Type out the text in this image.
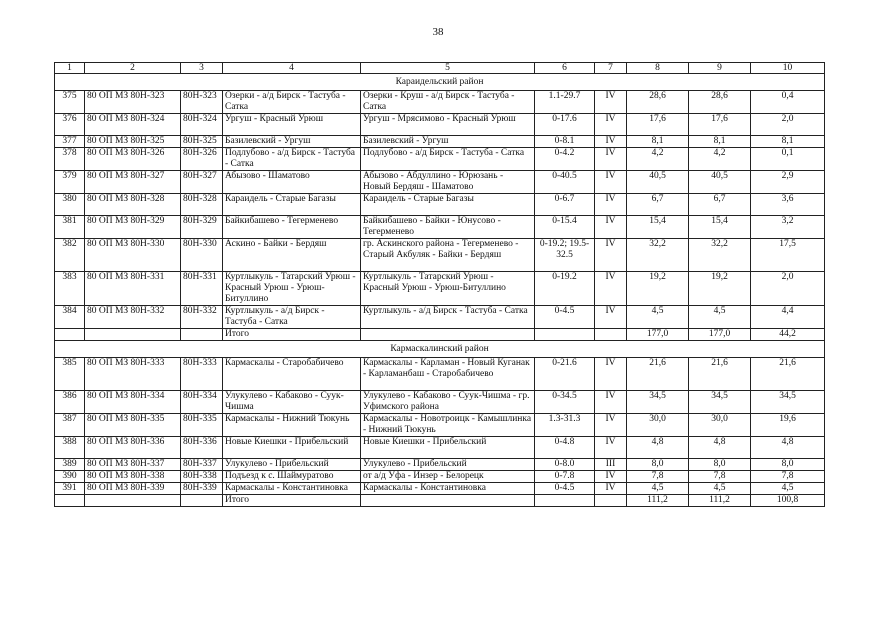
38
1	2	3	4	5	6	7	8	9	10
Караидельский район									
375	80 ОП МЗ 80Н-323	80Н-323	Озерки - а/д Бирск - Тастуба - Сатка	Озерки - Круш - а/д Бирск - Тастуба - Сатка	1.1-29.7	IV	28,6	28,6	0,4
376	80 ОП МЗ 80Н-324	80Н-324	Ургуш - Красный Урюш	Ургуш - Мрясимово - Красный Урюш	0-17.6	IV	17,6	17,6	2,0
377	80 ОП МЗ 80Н-325	80Н-325	Базилевский - Ургуш	Базилевский - Ургуш	0-8.1	IV	8,1	8,1	8,1
378	80 ОП МЗ 80Н-326	80Н-326	Подлубово - а/д Бирск - Тастуба - Сатка	Подлубово - а/д Бирск - Тастуба - Сатка	0-4.2	IV	4,2	4,2	0,1
379	80 ОП МЗ 80Н-327	80Н-327	Абызово - Шаматово	Абызово - Абдуллино - Юрюзань - Новый Бердяш - Шаматово	0-40.5	IV	40,5	40,5	2,9
380	80 ОП МЗ 80Н-328	80Н-328	Караидель - Старые Багазы	Караидель - Старые Багазы	0-6.7	IV	6,7	6,7	3,6
381	80 ОП МЗ 80Н-329	80Н-329	Байкибашево - Тегерменево	Байкибашево - Байки - Юнусово - Тегерменево	0-15.4	IV	15,4	15,4	3,2
382	80 ОП МЗ 80Н-330	80Н-330	Аскино - Байки - Бердяш	гр. Аскинского района - Тегерменево - Старый Акбуляк - Байки - Бердяш	0-19.2; 19.5-32.5	IV	32,2	32,2	17,5
383	80 ОП МЗ 80Н-331	80Н-331	Куртлыкуль - Татарский Урюш - Красный Урюш - Урюш-Битуллино	Куртлыкуль - Татарский Урюш - Красный Урюш - Урюш-Битуллино	0-19.2	IV	19,2	19,2	2,0
384	80 ОП МЗ 80Н-332	80Н-332	Куртлыкуль - а/д Бирск - Тастуба - Сатка	Куртлыкуль - а/д Бирск - Тастуба - Сатка	0-4.5	IV	4,5	4,5	4,4
			Итого				177,0	177,0	44,2
Кармаскалинский район									
385	80 ОП МЗ 80Н-333	80Н-333	Кармаскалы - Старобабичево	Кармаскалы - Карламан - Новый Куганак - Карламанбаш - Старобабичево	0-21.6	IV	21,6	21,6	21,6
386	80 ОП МЗ 80Н-334	80Н-334	Улукулево - Кабаково - Суук-Чишма	Улукулево - Кабаково - Суук-Чишма - гр. Уфимского района	0-34.5	IV	34,5	34,5	34,5
387	80 ОП МЗ 80Н-335	80Н-335	Кармаскалы - Нижний Тюкунь	Кармаскалы - Новотроицк - Камышлинка - Нижний Тюкунь	1.3-31.3	IV	30,0	30,0	19,6
388	80 ОП МЗ 80Н-336	80Н-336	Новые Киешки - Прибельский	Новые Киешки - Прибельский	0-4.8	IV	4,8	4,8	4,8
389	80 ОП МЗ 80Н-337	80Н-337	Улукулево - Прибельский	Улукулево - Прибельский	0-8.0	III	8,0	8,0	8,0
390	80 ОП МЗ 80Н-338	80Н-338	Подъезд к с. Шаймуратово	от а/д Уфа - Инзер - Белорецк	0-7.8	IV	7,8	7,8	7,8
391	80 ОП МЗ 80Н-339	80Н-339	Кармаскалы - Константиновка	Кармаскалы - Константиновка	0-4.5	IV	4,5	4,5	4,5
			Итого				111,2	111,2	100,8
